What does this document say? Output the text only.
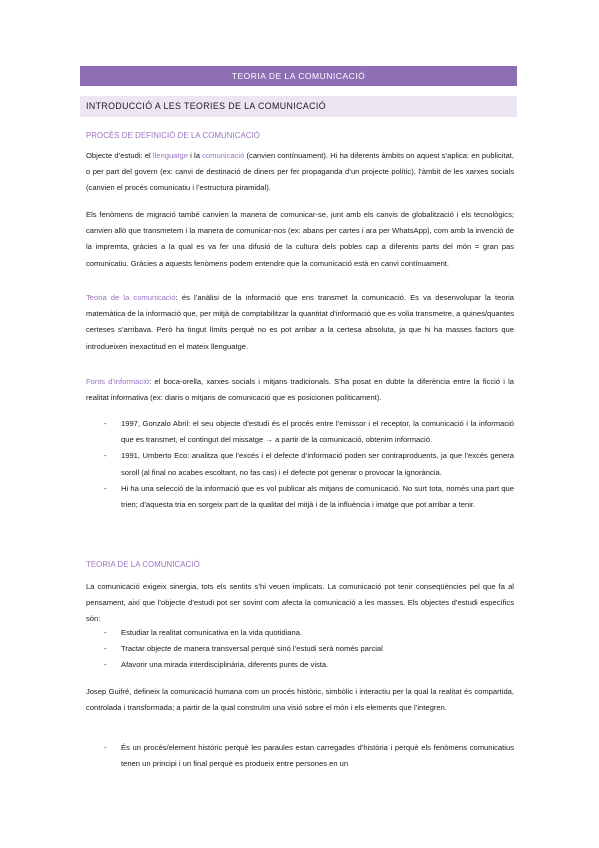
TEORIA DE LA COMUNICACIÓ
INTRODUCCIÓ A LES TEORIES DE LA COMUNICACIÓ
PROCÉS DE DEFINICIÓ DE LA COMUNICACIÓ
Objecte d’estudi: el llenguatge i la comunicació (canvien contínuament). Hi ha diferents àmbits on aquest s’aplica: en publicitat, o per part del govern (ex: canvi de destinació de diners per fer propaganda d’un projecte polític), l’àmbit de les xarxes socials (canvien el procés comunicatiu i l’estructura piramidal).
Els fenòmens de migració també canvien la manera de comunicar-se, junt amb els canvis de globalització i els tecnològics; canvien allò que transmetem i la manera de comunicar-nos (ex: abans per cartes i ara per WhatsApp), com amb la invenció de la impremta, gràcies a la qual es va fer una difusió de la cultura dels pobles cap a diferents parts del món = gran pas comunicatiu. Gràcies a aquests fenòmens podem entendre que la comunicació està en canvi contínuament.
Teoria de la comunicació: és l’anàlisi de la informació que ens transmet la comunicació. Es va desenvolupar la teoria matemàtica de la informació que, per mitjà de comptabilitzar la quantitat d’informació que es volia transmetre, a quines/quantes certeses s’arribava. Però ha tingut límits perquè no es pot arribar a la certesa absoluta, ja que hi ha masses factors que introdueixen inexactitud en el mateix llenguatge.
Fonts d’informació: el boca-orella, xarxes socials i mitjans tradicionals. S’ha posat en dubte la diferència entre la ficció i la realitat informativa (ex: diaris o mitjans de comunicació que es posicionen políticament).
- 1997, Gonzalo Abril: el seu objecte d’estudi és el procés entre l’emissor i el receptor, la comunicació i la informació que es transmet, el contingut del missatge → a partir de la comunicació, obtenim informació.
- 1991, Umberto Eco: analitza que l’excés i el defecte d’informació poden ser contraproduents, ja que l’excés genera soroll (al final no acabes escoltant, no fas cas) i el defecte pot generar o provocar la ignorància.
- Hi ha una selecció de la informació que es vol publicar als mitjans de comunicació. No surt tota, només una part que trien; d’aquesta tria en sorgeix part de la qualitat del mitjà i de la influència i imatge que pot arribar a tenir.
TEORIA DE LA COMUNICACIÓ
La comunicació exigeix sinergia, tots els sentits s’hi veuen implicats. La comunicació pot tenir conseqüències pel que fa al pensament, així que l’objecte d’estudi pot ser sovint com afecta la comunicació a les masses. Els objectes d’estudi específics són:
- Estudiar la realitat comunicativa en la vida quotidiana.
- Tractar objecte de manera transversal perquè sinó l’estudi serà només parcial
- Afavorir una mirada interdisciplinària, diferents punts de vista.
Josep Guifré, defineix la comunicació humana com un procés històric, simbòlic i interactiu per la qual la realitat és compartida, controlada i transformada; a partir de la qual construïm una visió sobre el món i els elements que l’integren.
- És un procés/element històric perquè les paraules estan carregades d’història i perquè els fenòmens comunicatius tenen un principi i un final perquè es produeix entre persones en un
